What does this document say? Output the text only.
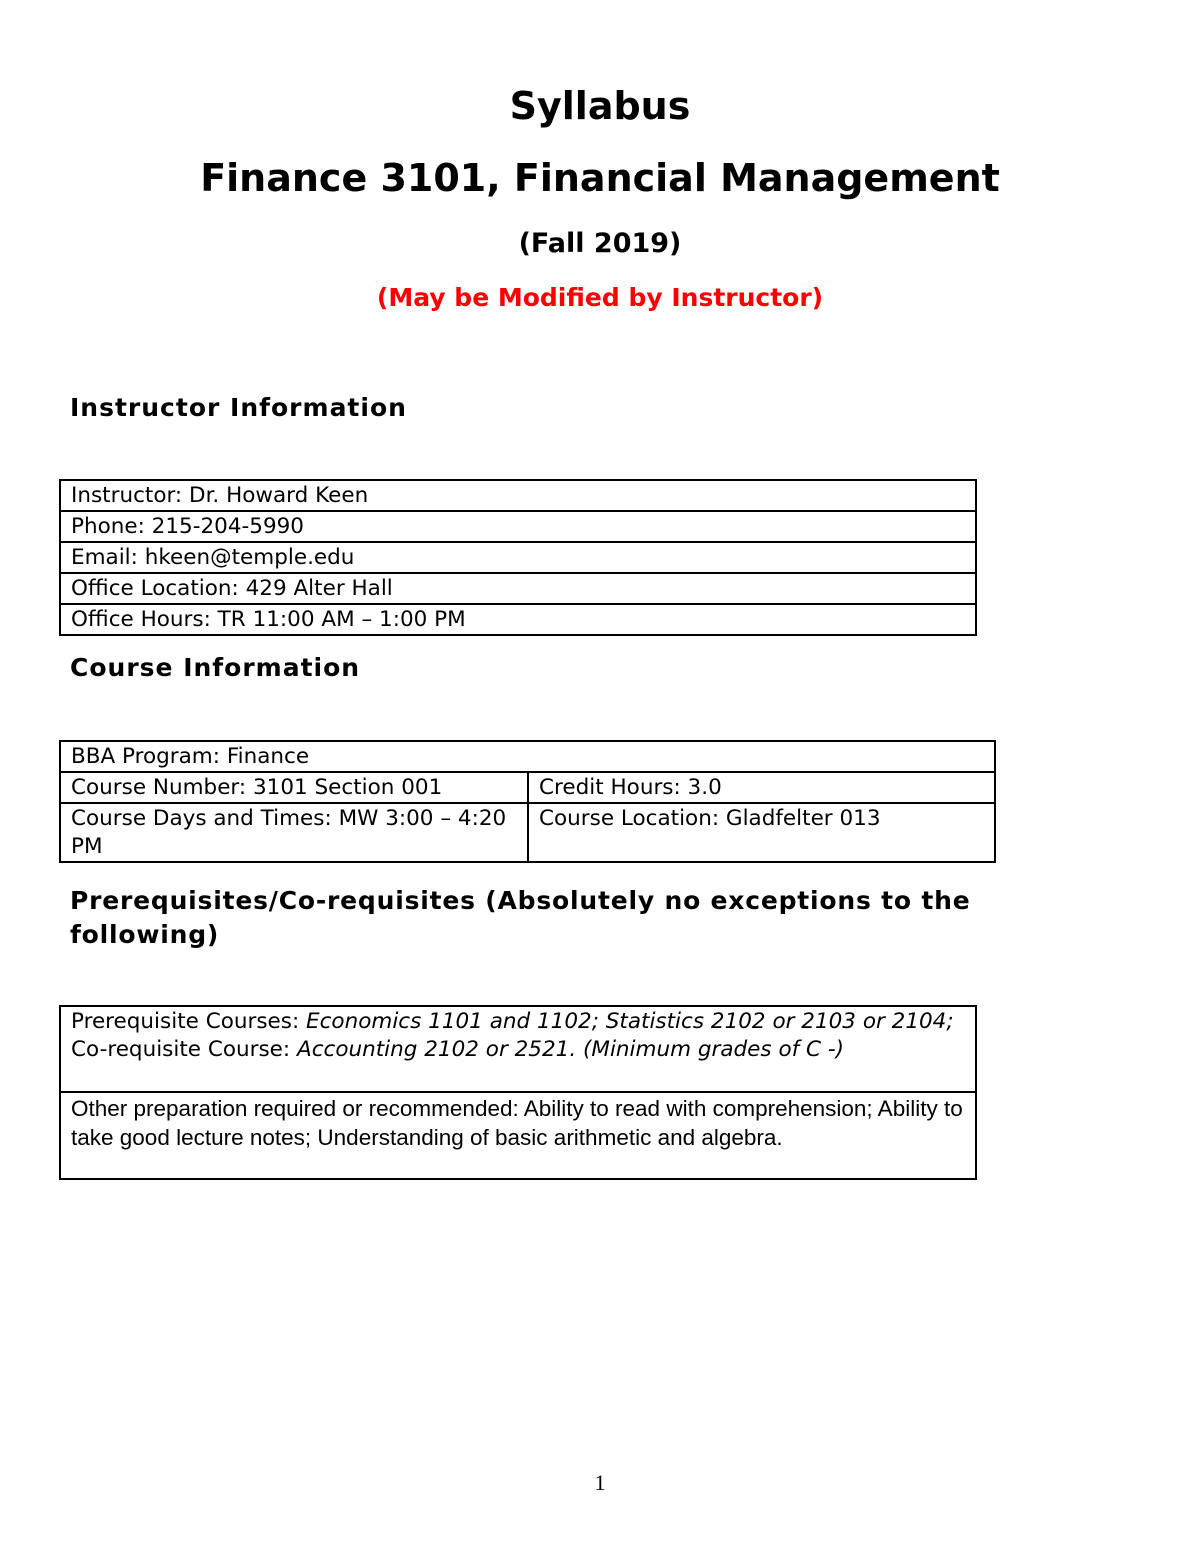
Syllabus
Finance 3101, Financial Management
(Fall 2019)
(May be Modified by Instructor)
Instructor Information
Instructor: Dr. Howard Keen
Phone: 215-204-5990
Email: hkeen@temple.edu
Office Location: 429 Alter Hall
Office Hours: TR 11:00 AM – 1:00 PM
Course Information
BBA Program: Finance	
Course Number: 3101 Section 001	Credit Hours: 3.0
Course Days and Times: MW 3:00 – 4:20 PM	Course Location: Gladfelter 013
Prerequisites/Co-requisites (Absolutely no exceptions to the following)
Prerequisite Courses: Economics 1101 and 1102; Statistics 2102 or 2103 or 2104; Co-requisite Course: Accounting 2102 or 2521. (Minimum grades of C -)
Other preparation required or recommended: Ability to read with comprehension; Ability to take good lecture notes; Understanding of basic arithmetic and algebra.
1
